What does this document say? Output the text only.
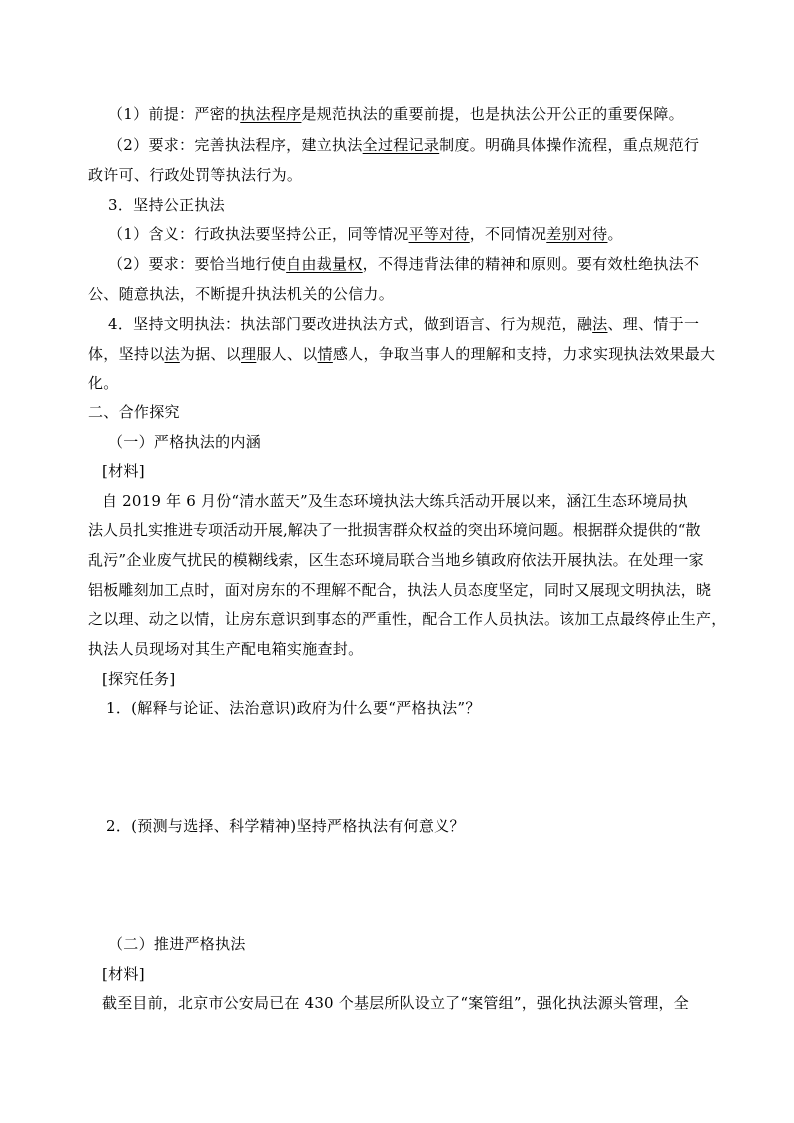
（1）前提：严密的执法程序是规范执法的重要前提，也是执法公开公正的重要保障。
（2）要求：完善执法程序，建立执法全过程记录制度。明确具体操作流程，重点规范行
政许可、行政处罚等执法行为。
3．坚持公正执法
（1）含义：行政执法要坚持公正，同等情况平等对待，不同情况差别对待。
（2）要求：要恰当地行使自由裁量权，不得违背法律的精神和原则。要有效杜绝执法不
公、随意执法，不断提升执法机关的公信力。
4．坚持文明执法：执法部门要改进执法方式，做到语言、行为规范，融法、理、情于一
体，坚持以法为据、以理服人、以情感人，争取当事人的理解和支持，力求实现执法效果最大
化。
二、合作探究
（一）严格执法的内涵
[材料]
自 2019 年 6 月份“清水蓝天”及生态环境执法大练兵活动开展以来，涵江生态环境局执
法人员扎实推进专项活动开展,解决了一批损害群众权益的突出环境问题。根据群众提供的“散
乱污”企业废气扰民的模糊线索，区生态环境局联合当地乡镇政府依法开展执法。在处理一家
铝板雕刻加工点时，面对房东的不理解不配合，执法人员态度坚定，同时又展现文明执法，晓
之以理、动之以情，让房东意识到事态的严重性，配合工作人员执法。该加工点最终停止生产，
执法人员现场对其生产配电箱实施查封。
[探究任务]
1．(解释与论证、法治意识)政府为什么要“严格执法”？
2．(预测与选择、科学精神)坚持严格执法有何意义？
（二）推进严格执法
[材料]
截至目前，北京市公安局已在 430 个基层所队设立了“案管组”，强化执法源头管理，全
